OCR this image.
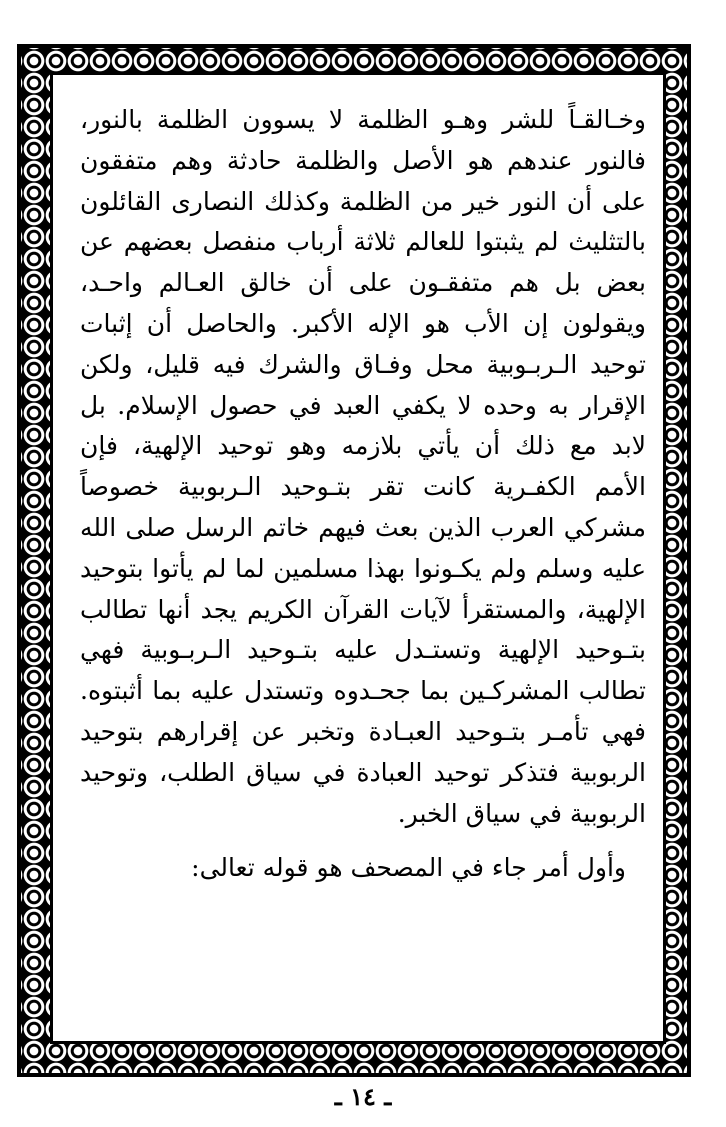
وخـالقـاً للشر وهـو الظلمة لا يسوون الظلمة بالنور،
فالنور عندهم هو الأصل والظلمة حادثة وهم متفقون
على أن النور خير من الظلمة وكذلك النصارى القائلون
بالتثليث لم يثبتوا للعالم ثلاثة أرباب منفصل بعضهم عن
بعض بل هم متفقـون على أن خالق العـالم واحـد،
ويقولون إن الأب هو الإله الأكبر. والحاصل أن إثبات
توحيد الـربـوبية محل وفـاق والشرك فيه قليل، ولكن
الإقرار به وحده لا يكفي العبد في حصول الإسلام. بل
لابد مع ذلك أن يأتي بلازمه وهو توحيد الإلهية، فإن
الأمم الكفـرية كانت تقر بتـوحيد الـربوبية خصوصاً
مشركي العرب الذين بعث فيهم خاتم الرسل صلى الله
عليه وسلم ولم يكـونوا بهذا مسلمين لما لم يأتوا بتوحيد
الإلهية، والمستقرأ لآيات القرآن الكريم يجد أنها تطالب
بتـوحيد الإلهية وتستـدل عليه بتـوحيد الـربـوبية فهي
تطالب المشركـين بما جحـدوه وتستدل عليه بما أثبتوه.
فهي تأمـر بتـوحيد العبـادة وتخبر عن إقرارهم بتوحيد
الربوبية فتذكر توحيد العبادة في سياق الطلب، وتوحيد
الربوبية في سياق الخبر.
وأول أمر جاء في المصحف هو قوله تعالى:
ـ ١٤ ـ
